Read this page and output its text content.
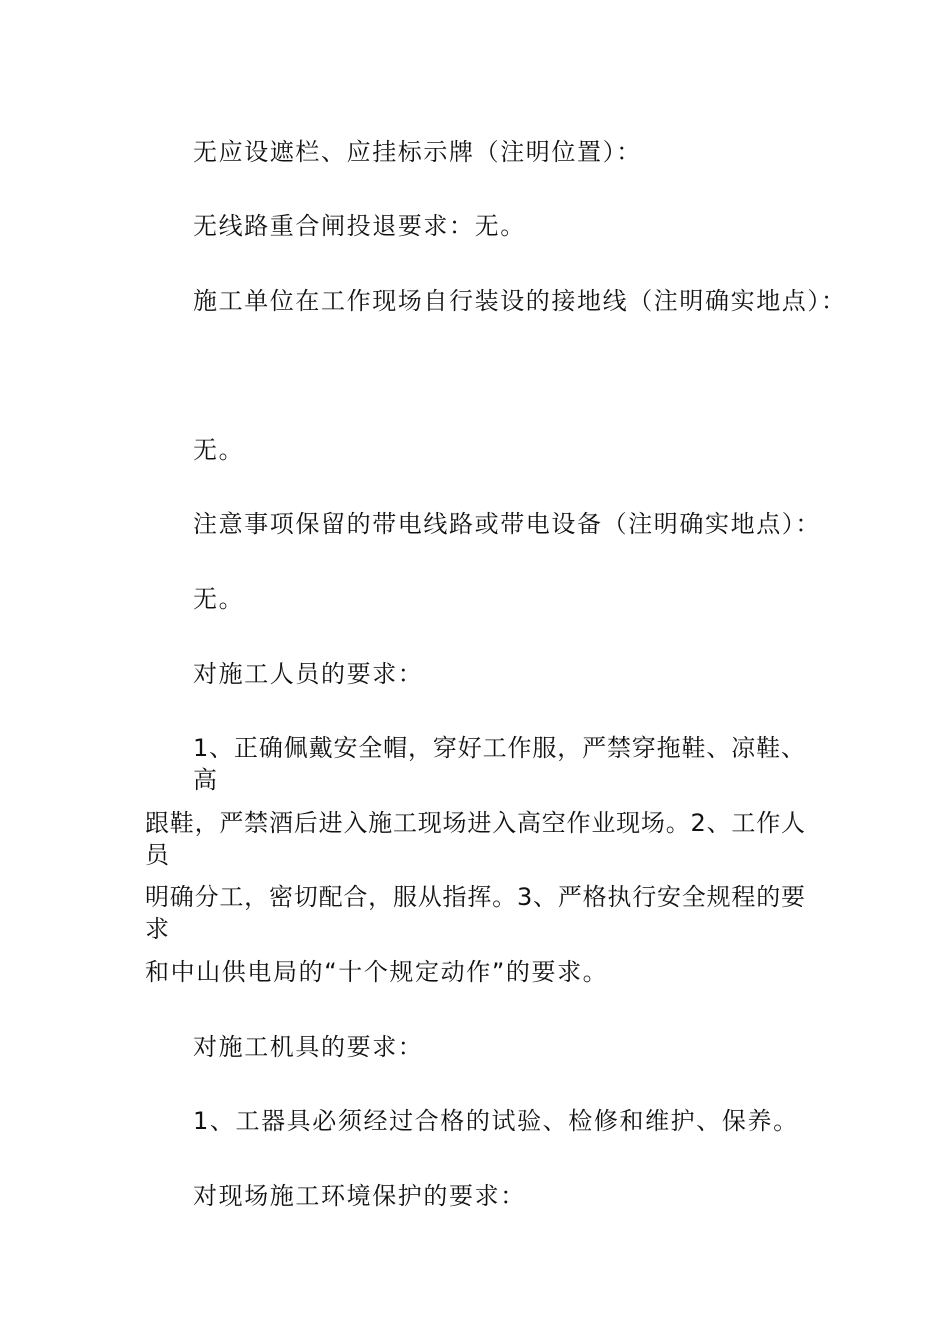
无应设遮栏、应挂标示牌（注明位置）：
无线路重合闸投退要求：无。
施工单位在工作现场自行装设的接地线（注明确实地点）：
无。
注意事项保留的带电线路或带电设备（注明确实地点）：
无。
对施工人员的要求：
1、正确佩戴安全帽，穿好工作服，严禁穿拖鞋、凉鞋、高
跟鞋，严禁酒后进入施工现场进入高空作业现场。2、工作人员
明确分工，密切配合，服从指挥。3、严格执行安全规程的要求
和中山供电局的“十个规定动作”的要求。
对施工机具的要求：
1、工器具必须经过合格的试验、检修和维护、保养。
对现场施工环境保护的要求：
